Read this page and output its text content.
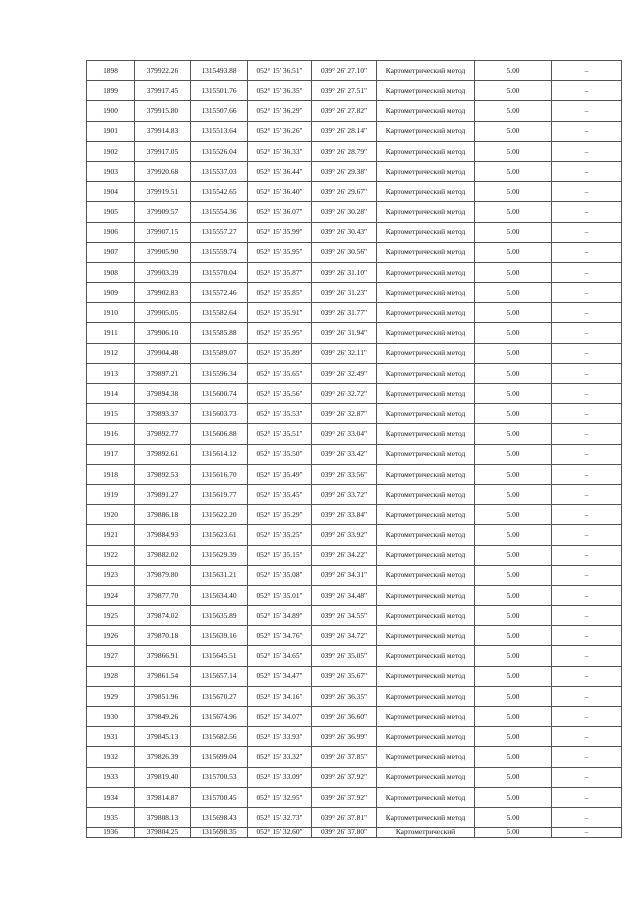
1898	379922.26	1315493.88	052° 15' 36.51"	039° 26' 27.10"	Картометрический метод	5.00	–
1899	379917.45	1315501.76	052° 15' 36.35"	039° 26' 27.51"	Картометрический метод	5.00	–
1900	379915.80	1315507.66	052° 15' 36.29"	039° 26' 27.82"	Картометрический метод	5.00	–
1901	379914.83	1315513.64	052° 15' 36.26"	039° 26' 28.14"	Картометрический метод	5.00	–
1902	379917.05	1315526.04	052° 15' 36.33"	039° 26' 28.79"	Картометрический метод	5.00	–
1903	379920.68	1315537.03	052° 15' 36.44"	039° 26' 29.38"	Картометрический метод	5.00	–
1904	379919.51	1315542.65	052° 15' 36.40"	039° 26' 29.67"	Картометрический метод	5.00	–
1905	379909.57	1315554.36	052° 15' 36.07"	039° 26' 30.28"	Картометрический метод	5.00	–
1906	379907.15	1315557.27	052° 15' 35.99"	039° 26' 30.43"	Картометрический метод	5.00	–
1907	379905.90	1315559.74	052° 15' 35.95"	039° 26' 30.56"	Картометрический метод	5.00	–
1908	379903.39	1315570.04	052° 15' 35.87"	039° 26' 31.10"	Картометрический метод	5.00	–
1909	379902.83	1315572.46	052° 15' 35.85"	039° 26' 31.23"	Картометрический метод	5.00	–
1910	379905.05	1315582.64	052° 15' 35.91"	039° 26' 31.77"	Картометрический метод	5.00	–
1911	379906.10	1315585.88	052° 15' 35.95"	039° 26' 31.94"	Картометрический метод	5.00	–
1912	379904.48	1315589.07	052° 15' 35.89"	039° 26' 32.11"	Картометрический метод	5.00	–
1913	379897.21	1315596.34	052° 15' 35.65"	039° 26' 32.49"	Картометрический метод	5.00	–
1914	379894.38	1315600.74	052° 15' 35.56"	039° 26' 32.72"	Картометрический метод	5.00	–
1915	379893.37	1315603.73	052° 15' 35.53"	039° 26' 32.87"	Картометрический метод	5.00	–
1916	379892.77	1315606.88	052° 15' 35.51"	039° 26' 33.04"	Картометрический метод	5.00	–
1917	379892.61	1315614.12	052° 15' 35.50"	039° 26' 33.42"	Картометрический метод	5.00	–
1918	379892.53	1315616.70	052° 15' 35.49"	039° 26' 33.56"	Картометрический метод	5.00	–
1919	379891.27	1315619.77	052° 15' 35.45"	039° 26' 33.72"	Картометрический метод	5.00	–
1920	379886.18	1315622.20	052° 15' 35.29"	039° 26' 33.84"	Картометрический метод	5.00	–
1921	379884.93	1315623.61	052° 15' 35.25"	039° 26' 33.92"	Картометрический метод	5.00	–
1922	379882.02	1315629.39	052° 15' 35.15"	039° 26' 34.22"	Картометрический метод	5.00	–
1923	379879.80	1315631.21	052° 15' 35.08"	039° 26' 34.31"	Картометрический метод	5.00	–
1924	379877.70	1315634.40	052° 15' 35.01"	039° 26' 34.48"	Картометрический метод	5.00	–
1925	379874.02	1315635.89	052° 15' 34.89"	039° 26' 34.55"	Картометрический метод	5.00	–
1926	379870.18	1315639.16	052° 15' 34.76"	039° 26' 34.72"	Картометрический метод	5.00	–
1927	379866.91	1315645.51	052° 15' 34.65"	039° 26' 35.05"	Картометрический метод	5.00	–
1928	379861.54	1315657.14	052° 15' 34.47"	039° 26' 35.67"	Картометрический метод	5.00	–
1929	379851.96	1315670.27	052° 15' 34.16"	039° 26' 36.35"	Картометрический метод	5.00	–
1930	379849.26	1315674.96	052° 15' 34.07"	039° 26' 36.60"	Картометрический метод	5.00	–
1931	379845.13	1315682.56	052° 15' 33.93"	039° 26' 36.99"	Картометрический метод	5.00	–
1932	379826.39	1315699.04	052° 15' 33.32"	039° 26' 37.85"	Картометрический метод	5.00	–
1933	379819.40	1315700.53	052° 15' 33.09"	039° 26' 37.92"	Картометрический метод	5.00	–
1934	379814.87	1315700.45	052° 15' 32.95"	039° 26' 37.92"	Картометрический метод	5.00	–
1935	379808.13	1315698.43	052° 15' 32.73"	039° 26' 37.81"	Картометрический метод	5.00	–
1936	379804.25	1315698.35	052° 15' 32.60"	039° 26' 37.80"	Картометрический	5.00	–
